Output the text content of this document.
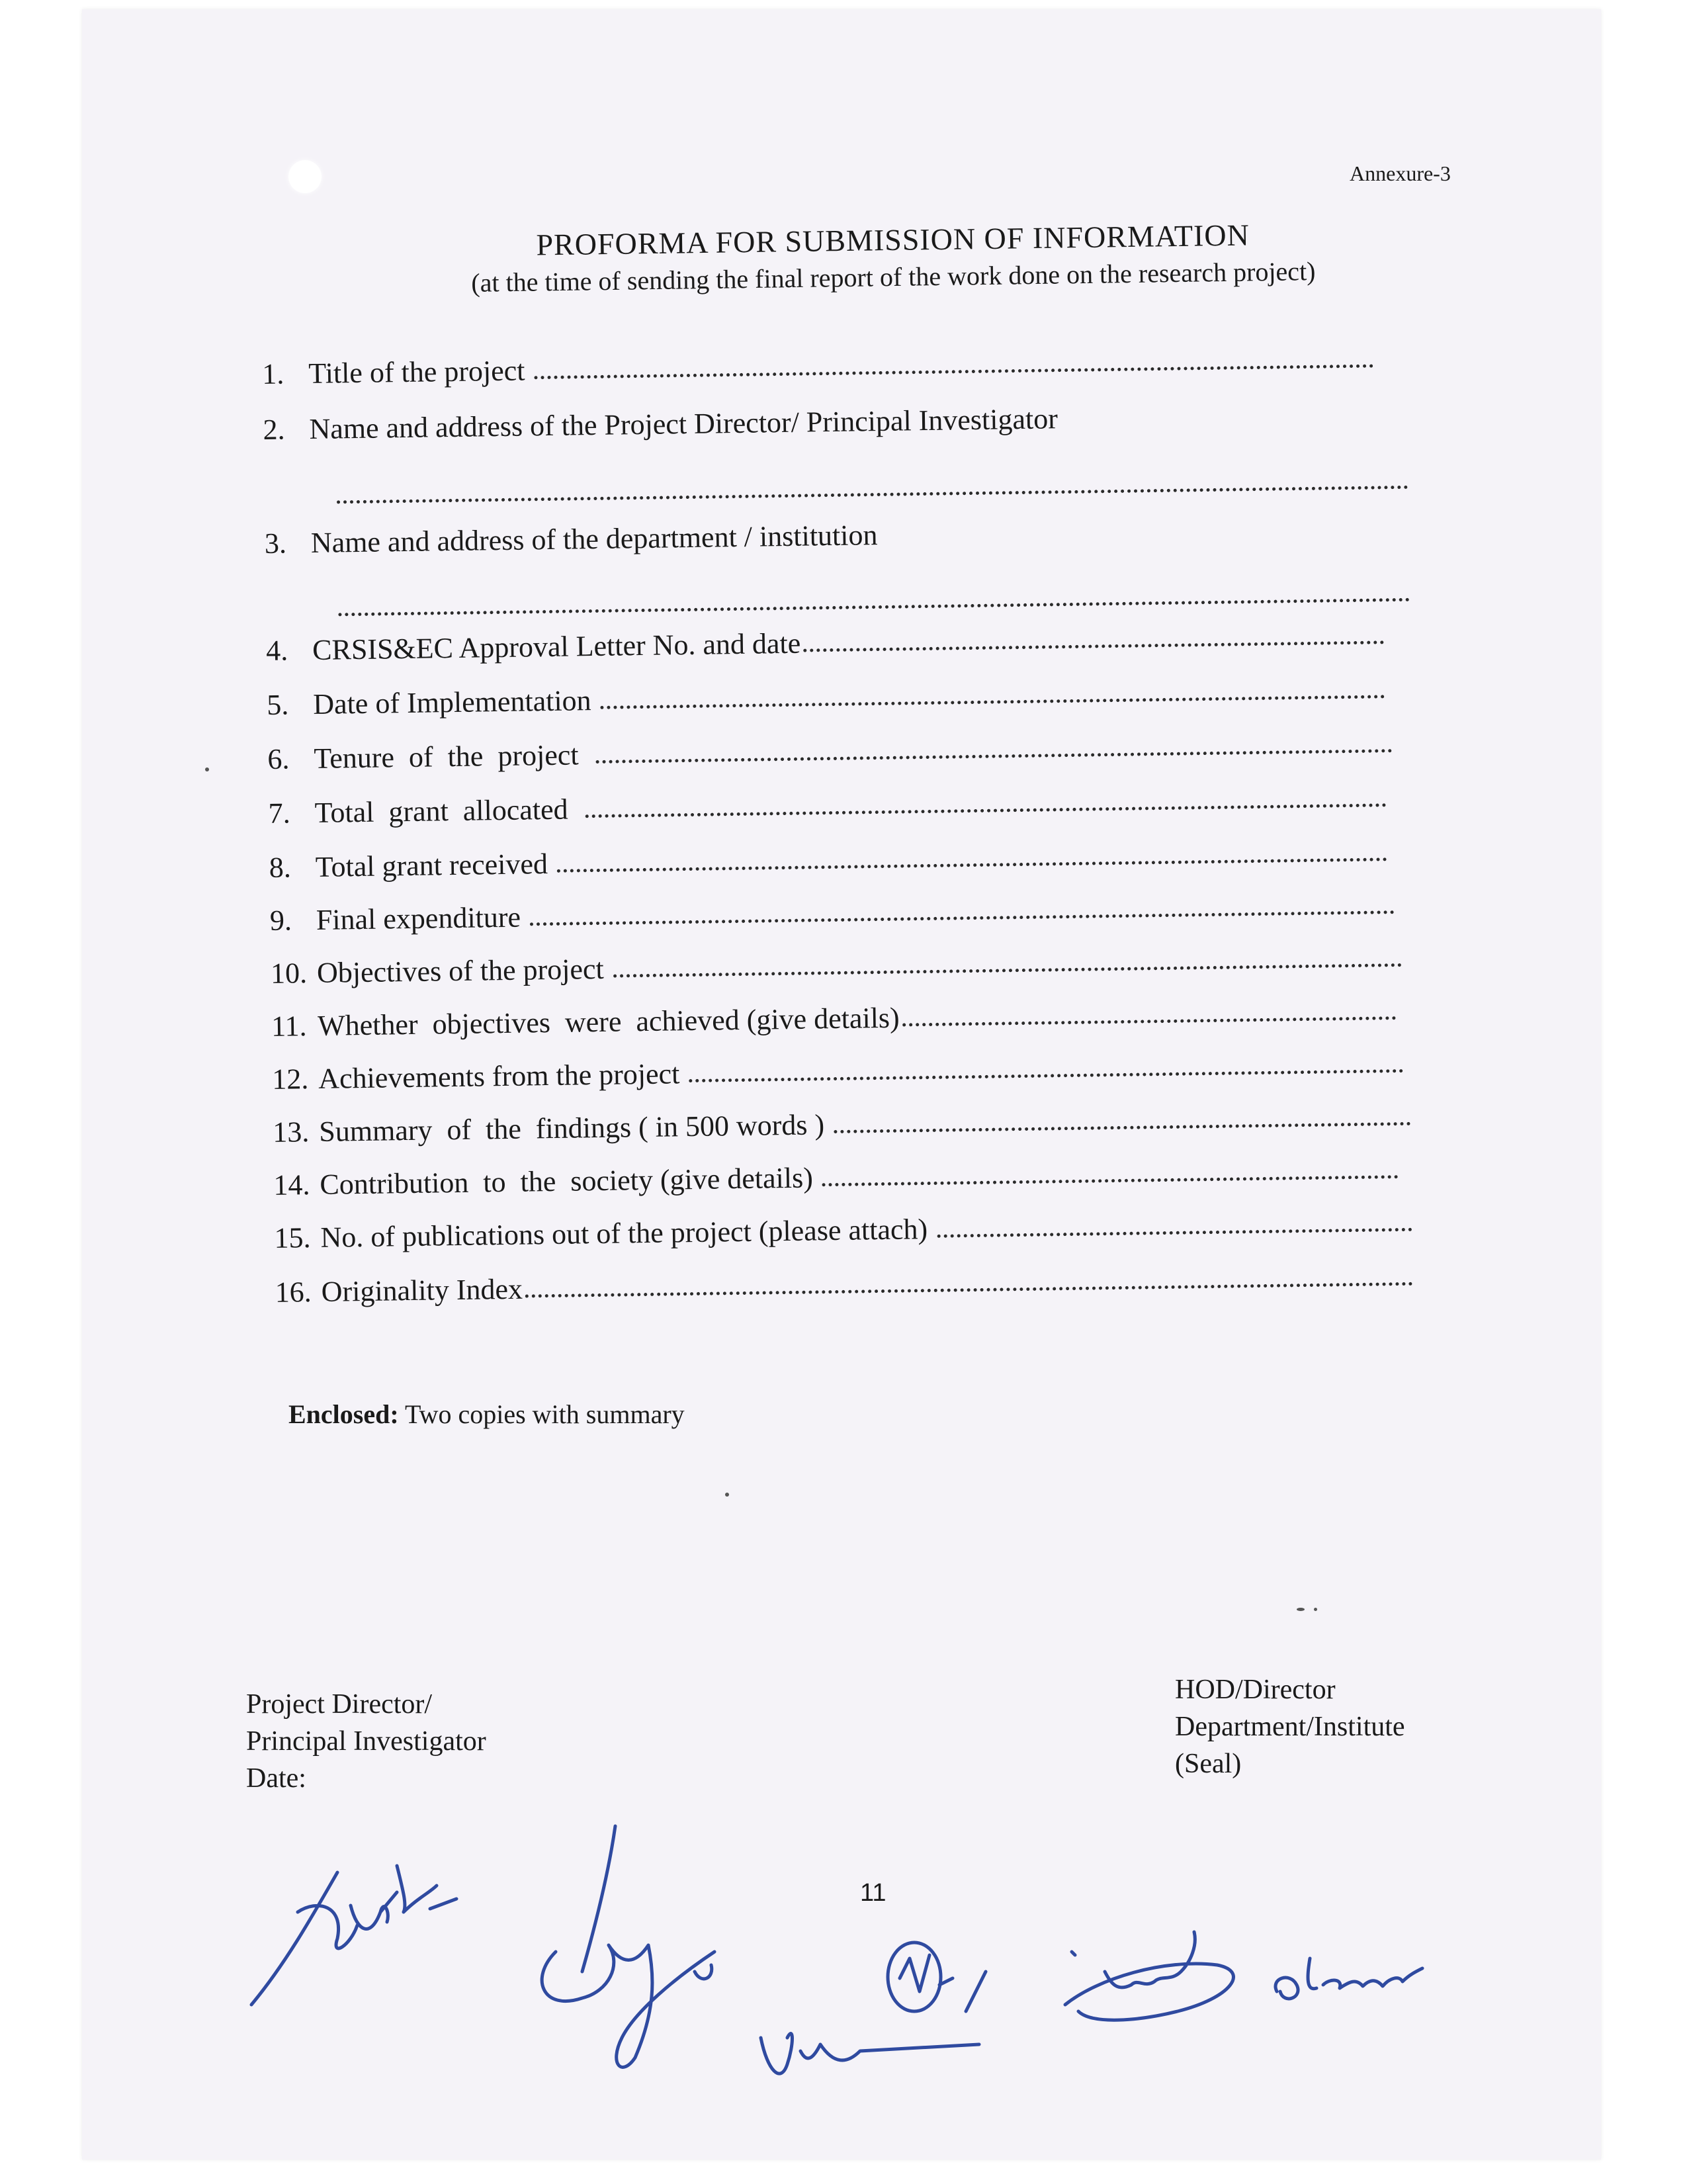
Annexure-3
PROFORMA FOR SUBMISSION OF INFORMATION
(at the time of sending the final report of the work done on the research project)
1. Title of the project
2. Name and address of the Project Director/ Principal Investigator
3. Name and address of the department / institution
4. CRSIS&EC Approval Letter No. and date
5. Date of Implementation
6. Tenure  of  the  project
7. Total  grant  allocated
8. Total grant received
9. Final expenditure
10. Objectives of the project
11. Whether  objectives  were  achieved (give details)
12. Achievements from the project
13. Summary  of  the  findings ( in 500 words )
14. Contribution  to  the  society (give details)
15. No. of publications out of the project (please attach)
16. Originality Index
Enclosed: Two copies with summary
Project Director/
Principal Investigator
Date:
HOD/Director
Department/Institute
(Seal)
11
